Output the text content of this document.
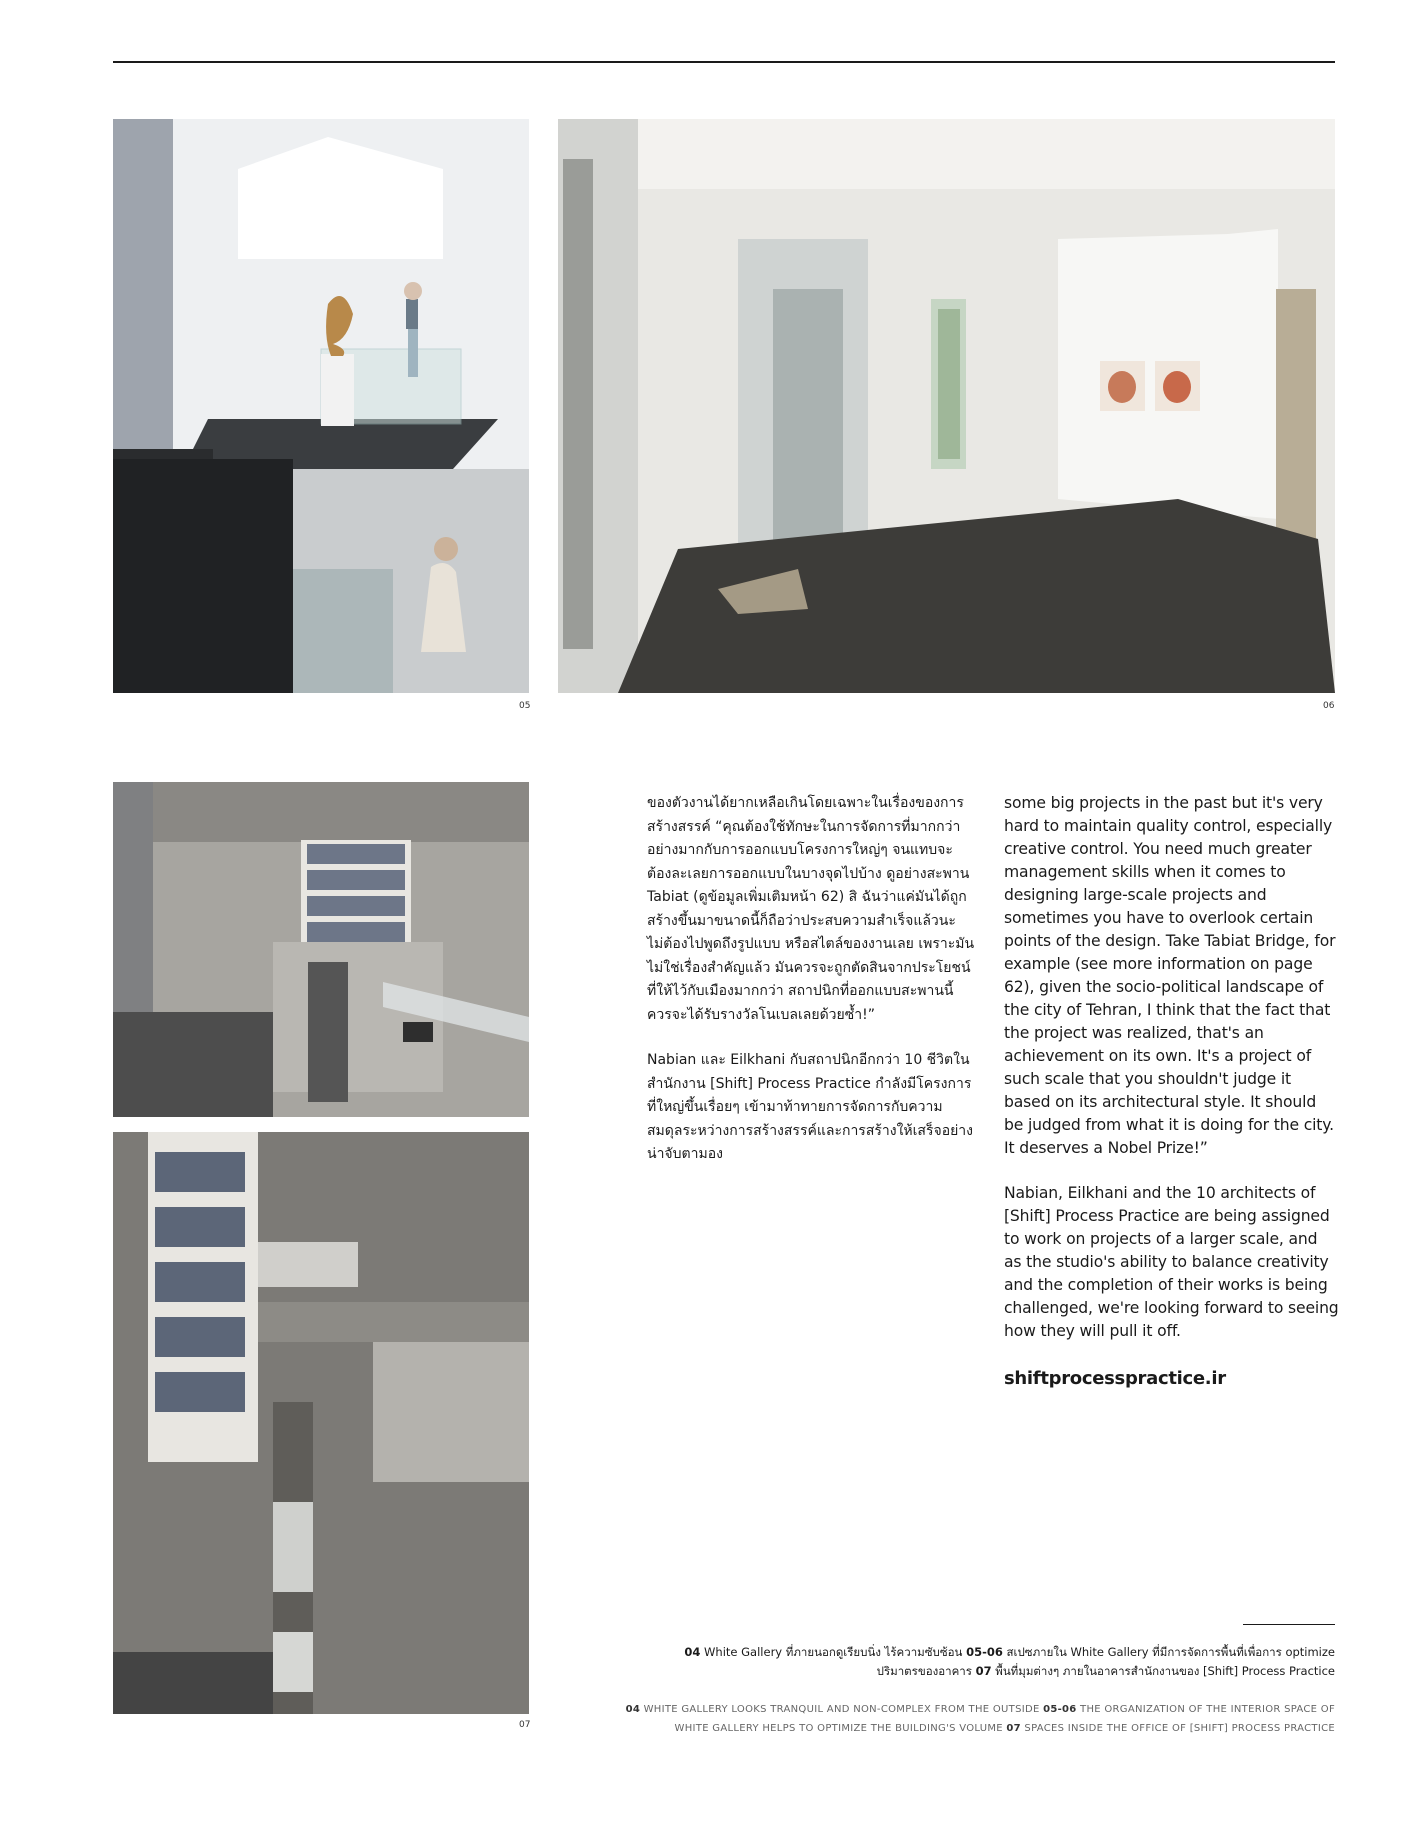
05	06
07

ของตัวงานได้ยากเหลือเกินโดยเฉพาะในเรื่องของการสร้างสรรค์ “คุณต้องใช้ทักษะในการจัดการที่มากกว่าอย่างมากกับการออกแบบโครงการใหญ่ๆ จนแทบจะต้องละเลยการออกแบบในบางจุดไปบ้าง ดูอย่างสะพาน Tabiat (ดูข้อมูลเพิ่มเติมหน้า 62) สิ ฉันว่าแค่มันได้ถูกสร้างขึ้นมาขนาดนี้ก็ถือว่าประสบความสำเร็จแล้วนะ ไม่ต้องไปพูดถึงรูปแบบ หรือสไตล์ของงานเลย เพราะมันไม่ใช่เรื่องสำคัญแล้ว มันควรจะถูกตัดสินจากประโยชน์ที่ให้ไว้กับเมืองมากกว่า สถาปนิกที่ออกแบบสะพานนี้ควรจะได้รับรางวัลโนเบลเลยด้วยซ้ำ!”

Nabian และ Eilkhani กับสถาปนิกอีกกว่า 10 ชีวิตในสำนักงาน [Shift] Process Practice กำลังมีโครงการที่ใหญ่ขึ้นเรื่อยๆ เข้ามาท้าทายการจัดการกับความสมดุลระหว่างการสร้างสรรค์และการสร้างให้เสร็จอย่างน่าจับตามอง

some big projects in the past but it's very hard to maintain quality control, especially creative control. You need much greater management skills when it comes to designing large-scale projects and sometimes you have to overlook certain points of the design. Take Tabiat Bridge, for example (see more information on page 62), given the socio-political landscape of the city of Tehran, I think that the fact that the project was realized, that's an achievement on its own. It's a project of such scale that you shouldn't judge it based on its architectural style. It should be judged from what it is doing for the city. It deserves a Nobel Prize!”

Nabian, Eilkhani and the 10 architects of [Shift] Process Practice are being assigned to work on projects of a larger scale, and as the studio's ability to balance creativity and the completion of their works is being challenged, we're looking forward to seeing how they will pull it off.

shiftprocesspractice.ir
04 White Gallery ที่ภายนอกดูเรียบนิ่ง ไร้ความซับซ้อน 05-06 สเปซภายใน White Gallery ที่มีการจัดการพื้นที่เพื่อการ optimize ปริมาตรของอาคาร 07 พื้นที่มุมต่างๆ ภายในอาคารสำนักงานของ [Shift] Process Practice
04 WHITE GALLERY LOOKS TRANQUIL AND NON-COMPLEX FROM THE OUTSIDE 05-06 THE ORGANIZATION OF THE INTERIOR SPACE OF WHITE GALLERY HELPS TO OPTIMIZE THE BUILDING'S VOLUME 07 SPACES INSIDE THE OFFICE OF [SHIFT] PROCESS PRACTICE
